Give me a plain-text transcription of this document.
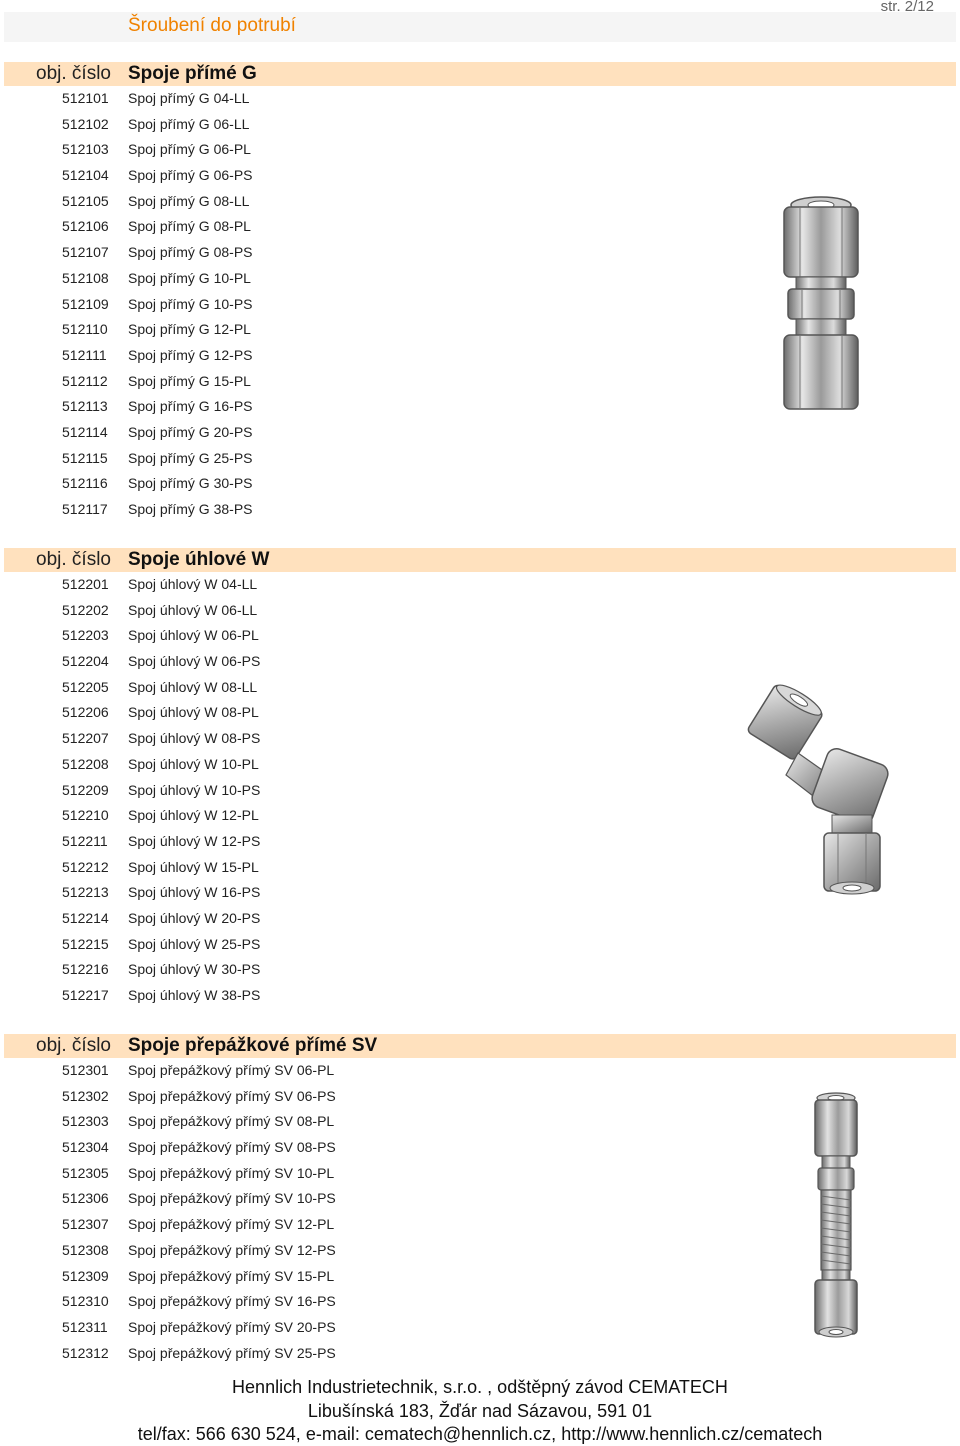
str. 2/12
Šroubení do potrubí
obj. číslo Spoje přímé G
512101 Spoj přímý G 04-LL
512102 Spoj přímý G 06-LL
512103 Spoj přímý G 06-PL
512104 Spoj přímý G 06-PS
512105 Spoj přímý G 08-LL
512106 Spoj přímý G 08-PL
512107 Spoj přímý G 08-PS
512108 Spoj přímý G 10-PL
512109 Spoj přímý G 10-PS
512110 Spoj přímý G 12-PL
512111 Spoj přímý G 12-PS
512112 Spoj přímý G 15-PL
512113 Spoj přímý G 16-PS
512114 Spoj přímý G 20-PS
512115 Spoj přímý G 25-PS
512116 Spoj přímý G 30-PS
512117 Spoj přímý G 38-PS
obj. číslo Spoje úhlové W
512201 Spoj úhlový W 04-LL
512202 Spoj úhlový W 06-LL
512203 Spoj úhlový W 06-PL
512204 Spoj úhlový W 06-PS
512205 Spoj úhlový W 08-LL
512206 Spoj úhlový W 08-PL
512207 Spoj úhlový W 08-PS
512208 Spoj úhlový W 10-PL
512209 Spoj úhlový W 10-PS
512210 Spoj úhlový W 12-PL
512211 Spoj úhlový W 12-PS
512212 Spoj úhlový W 15-PL
512213 Spoj úhlový W 16-PS
512214 Spoj úhlový W 20-PS
512215 Spoj úhlový W 25-PS
512216 Spoj úhlový W 30-PS
512217 Spoj úhlový W 38-PS
obj. číslo Spoje přepážkové přímé SV
512301 Spoj přepážkový přímý SV 06-PL
512302 Spoj přepážkový přímý SV 06-PS
512303 Spoj přepážkový přímý SV 08-PL
512304 Spoj přepážkový přímý SV 08-PS
512305 Spoj přepážkový přímý SV 10-PL
512306 Spoj přepážkový přímý SV 10-PS
512307 Spoj přepážkový přímý SV 12-PL
512308 Spoj přepážkový přímý SV 12-PS
512309 Spoj přepážkový přímý SV 15-PL
512310 Spoj přepážkový přímý SV 16-PS
512311 Spoj přepážkový přímý SV 20-PS
512312 Spoj přepážkový přímý SV 25-PS
Hennlich Industrietechnik, s.r.o. , odštěpný závod CEMATECH
Libušínská 183, Žďár nad Sázavou, 591 01
tel/fax: 566 630 524, e-mail: cematech@hennlich.cz, http://www.hennlich.cz/cematech
